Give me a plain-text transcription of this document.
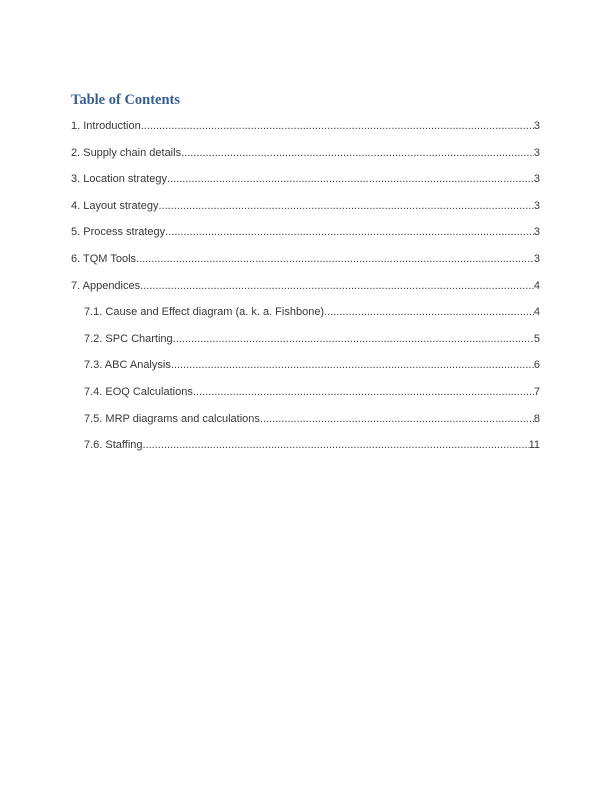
Table of Contents
1. Introduction .....	3
2. Supply chain details .....	3
3. Location strategy .....	3
4. Layout strategy .....	3
5. Process strategy .....	3
6. TQM Tools .....	3
7. Appendices .....	4
7.1. Cause and Effect diagram (a. k. a. Fishbone) .....	4
7.2. SPC Charting .....	5
7.3. ABC Analysis .....	6
7.4. EOQ Calculations .....	7
7.5. MRP diagrams and calculations .....	8
7.6. Staffing .....	11
